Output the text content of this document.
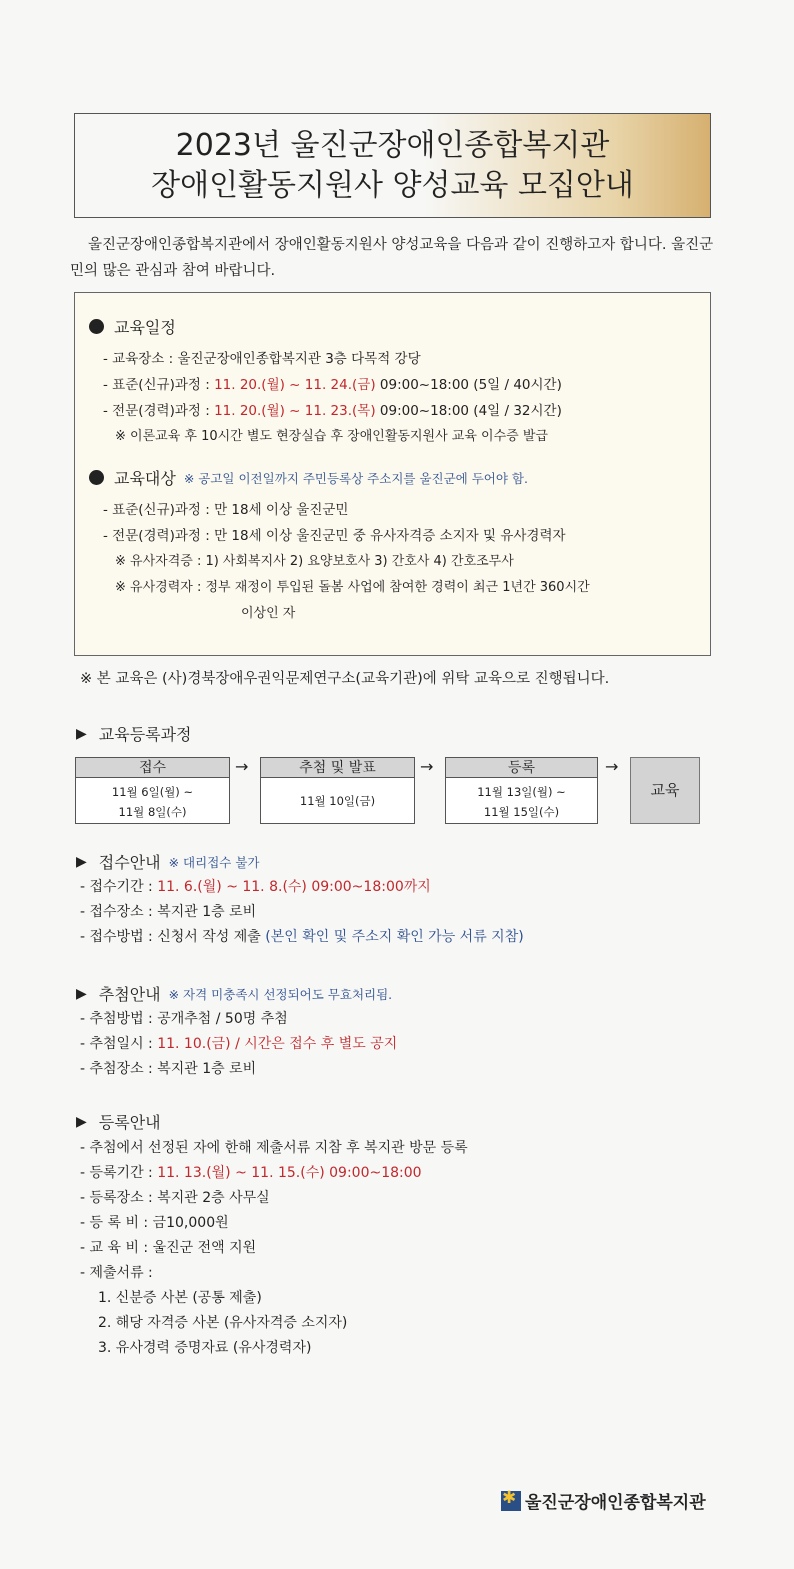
2023년 울진군장애인종합복지관
장애인활동지원사 양성교육 모집안내

울진군장애인종합복지관에서 장애인활동지원사 양성교육을 다음과 같이 진행하고자 합니다. 울진군민의 많은 관심과 참여 바랍니다.

교육일정
- 교육장소 : 울진군장애인종합복지관 3층 다목적 강당
- 표준(신규)과정 : 11. 20.(월) ~ 11. 24.(금) 09:00~18:00 (5일 / 40시간)
- 전문(경력)과정 : 11. 20.(월) ~ 11. 23.(목) 09:00~18:00 (4일 / 32시간)
※ 이론교육 후 10시간 별도 현장실습 후 장애인활동지원사 교육 이수증 발급
교육대상 ※ 공고일 이전일까지 주민등록상 주소지를 울진군에 두어야 함.
- 표준(신규)과정 : 만 18세 이상 울진군민
- 전문(경력)과정 : 만 18세 이상 울진군민 중 유사자격증 소지자 및 유사경력자
※ 유사자격증 : 1) 사회복지사 2) 요양보호사 3) 간호사 4) 간호조무사
※ 유사경력자 : 정부 재정이 투입된 돌봄 사업에 참여한 경력이 최근 1년간 360시간
이상인 자
※ 본 교육은 (사)경북장애우권익문제연구소(교육기관)에 위탁 교육으로 진행됩니다.
▶ 교육등록과정
접수
11월 6일(월) ~
11월 8일(수)
→	추첨 및 발표
11월 10일(금)
→	등록
11월 13일(월) ~
11월 15일(수)
→
교육
▶ 접수안내 ※ 대리접수 불가
- 접수기간 : 11. 6.(월) ~ 11. 8.(수) 09:00~18:00까지
- 접수장소 : 복지관 1층 로비
- 접수방법 : 신청서 작성 제출 (본인 확인 및 주소지 확인 가능 서류 지참)
▶ 추첨안내 ※ 자격 미충족시 선정되어도 무효처리됨.
- 추첨방법 : 공개추첨 / 50명 추첨
- 추첨일시 : 11. 10.(금) / 시간은 접수 후 별도 공지
- 추첨장소 : 복지관 1층 로비
▶ 등록안내
- 추첨에서 선정된 자에 한해 제출서류 지참 후 복지관 방문 등록
- 등록기간 : 11. 13.(월) ~ 11. 15.(수) 09:00~18:00
- 등록장소 : 복지관 2층 사무실
- 등 록 비 : 금10,000원
- 교 육 비 : 울진군 전액 지원
- 제출서류 :
1. 신분증 사본 (공통 제출)
2. 해당 자격증 사본 (유사자격증 소지자)
3. 유사경력 증명자료 (유사경력자)
✱
울진군장애인종합복지관
